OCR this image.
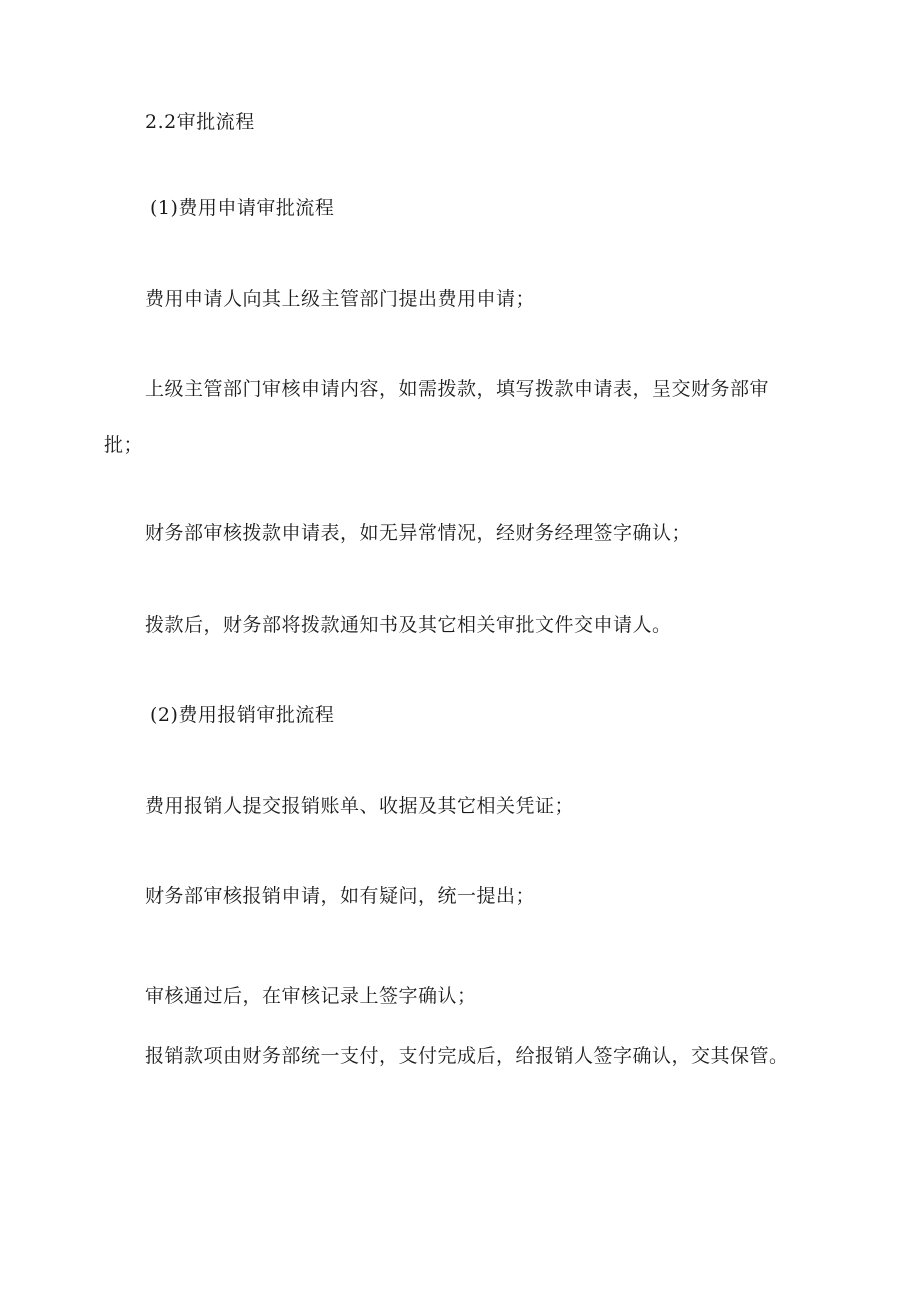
2.2审批流程

(1)费用申请审批流程

费用申请人向其上级主管部门提出费用申请；

上级主管部门审核申请内容，如需拨款，填写拨款申请表，呈交财务部审

批；

财务部审核拨款申请表，如无异常情况，经财务经理签字确认；

拨款后，财务部将拨款通知书及其它相关审批文件交申请人。

(2)费用报销审批流程

费用报销人提交报销账单、收据及其它相关凭证；

财务部审核报销申请，如有疑问，统一提出；

审核通过后，在审核记录上签字确认；

报销款项由财务部统一支付，支付完成后，给报销人签字确认，交其保管。
